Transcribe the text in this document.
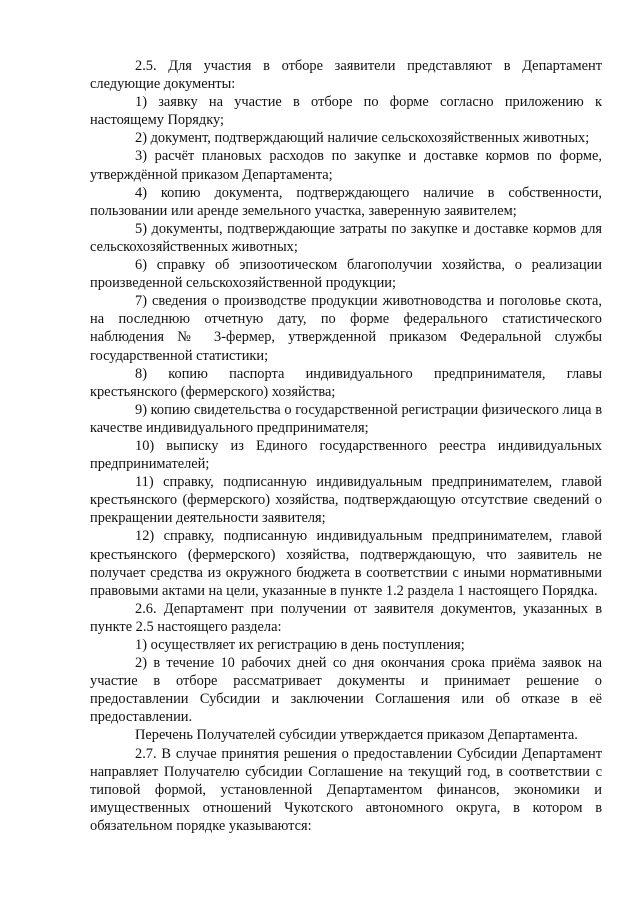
2.5. Для участия в отборе заявители представляют в Департамент следующие документы:

1) заявку на участие в отборе по форме согласно приложению к настоящему Порядку;

2) документ, подтверждающий наличие сельскохозяйственных животных;

3) расчёт плановых расходов по закупке и доставке кормов по форме, утверждённой приказом Департамента;

4) копию документа, подтверждающего наличие в собственности, пользовании или аренде земельного участка, заверенную заявителем;

5) документы, подтверждающие затраты по закупке и доставке кормов для сельскохозяйственных животных;

6) справку об эпизоотическом благополучии хозяйства, о реализации произведенной сельскохозяйственной продукции;

7) сведения о производстве продукции животноводства и поголовье скота, на последнюю отчетную дату, по форме федерального статистического наблюдения № 3-фермер, утвержденной приказом Федеральной службы государственной статистики;

8) копию паспорта индивидуального предпринимателя, главы крестьянского (фермерского) хозяйства;

9) копию свидетельства о государственной регистрации физического лица в качестве индивидуального предпринимателя;

10) выписку из Единого государственного реестра индивидуальных предпринимателей;

11) справку, подписанную индивидуальным предпринимателем, главой крестьянского (фермерского) хозяйства, подтверждающую отсутствие сведений о прекращении деятельности заявителя;

12) справку, подписанную индивидуальным предпринимателем, главой крестьянского (фермерского) хозяйства, подтверждающую, что заявитель не получает средства из окружного бюджета в соответствии с иными нормативными правовыми актами на цели, указанные в пункте 1.2 раздела 1 настоящего Порядка.

2.6. Департамент при получении от заявителя документов, указанных в пункте 2.5 настоящего раздела:

1) осуществляет их регистрацию в день поступления;

2) в течение 10 рабочих дней со дня окончания срока приёма заявок на участие в отборе рассматривает документы и принимает решение о предоставлении Субсидии и заключении Соглашения или об отказе в её предоставлении.

Перечень Получателей субсидии утверждается приказом Департамента.

2.7. В случае принятия решения о предоставлении Субсидии Департамент направляет Получателю субсидии Соглашение на текущий год, в соответствии с типовой формой, установленной Департаментом финансов, экономики и имущественных отношений Чукотского автономного округа, в котором в обязательном порядке указываются:
